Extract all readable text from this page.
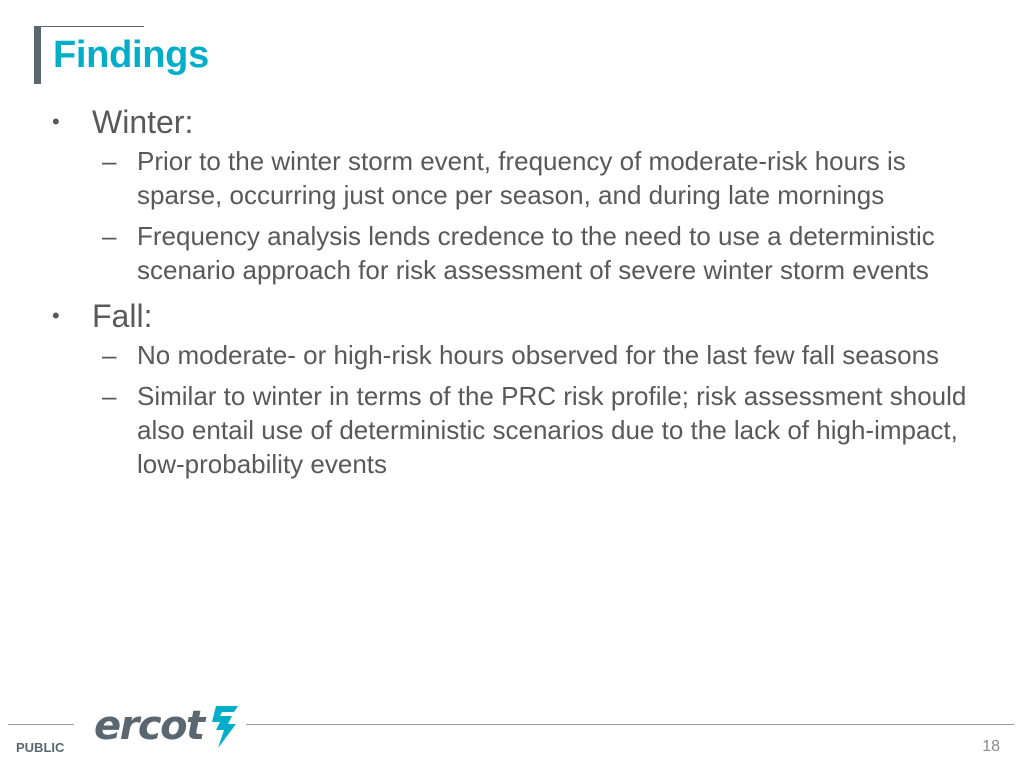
Findings
• Winter:
– Prior to the winter storm event, frequency of moderate-risk hours is sparse, occurring just once per season, and during late mornings
– Frequency analysis lends credence to the need to use a deterministic scenario approach for risk assessment of severe winter storm events
• Fall:
– No moderate- or high-risk hours observed for the last few fall seasons
– Similar to winter in terms of the PRC risk profile; risk assessment should also entail use of deterministic scenarios due to the lack of high-impact, low-probability events
ercot
PUBLIC	18
